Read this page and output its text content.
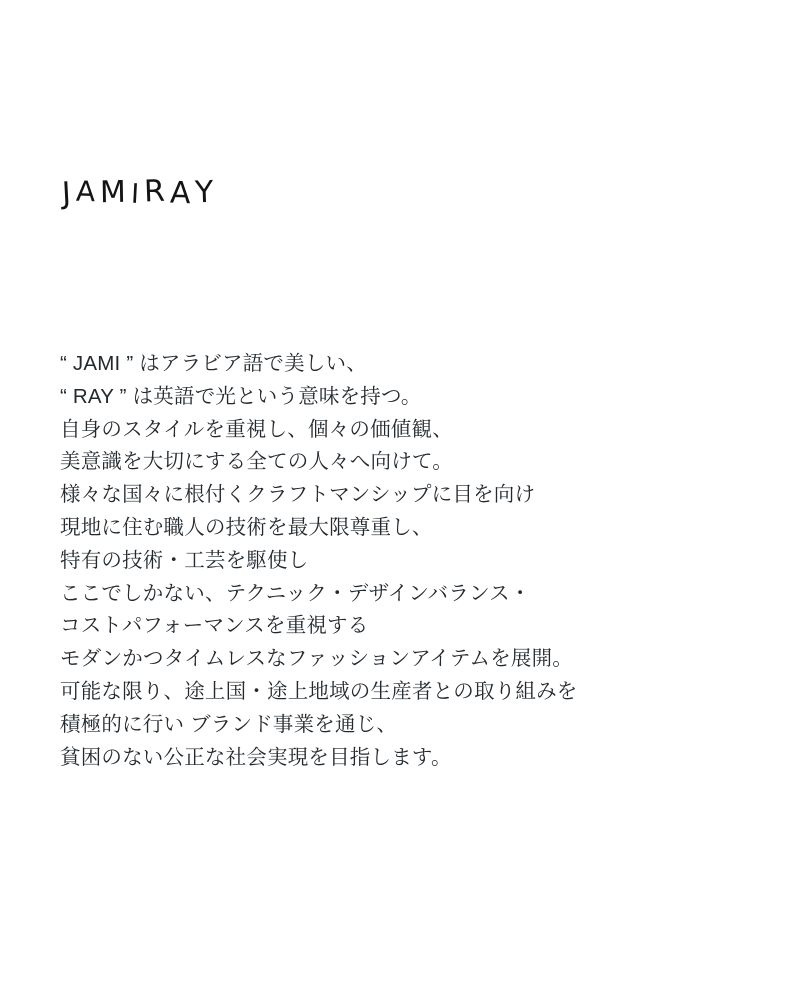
JAMIRAY
“ JAMI ” はアラビア語で美しい、
“ RAY ” は英語で光という意味を持つ。
自身のスタイルを重視し、個々の価値観、
美意識を大切にする全ての人々へ向けて。
様々な国々に根付くクラフトマンシップに目を向け
現地に住む職人の技術を最大限尊重し、
特有の技術・工芸を駆使し
ここでしかない、テクニック・デザインバランス・
コストパフォーマンスを重視する
モダンかつタイムレスなファッションアイテムを展開。
可能な限り、途上国・途上地域の生産者との取り組みを
積極的に行い ブランド事業を通じ、
貧困のない公正な社会実現を目指します。
